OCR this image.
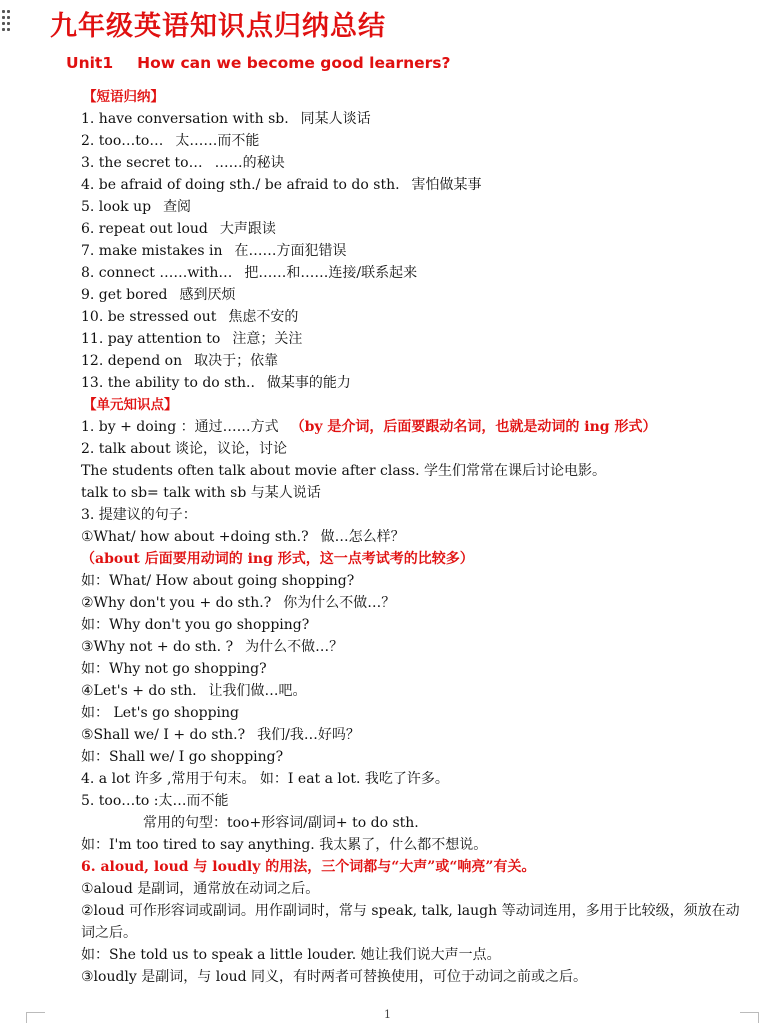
九年级英语知识点归纳总结
Unit1 How can we become good learners?
【短语归纳】
1. have conversation with sb. 同某人谈话
2. too…to… 太……而不能
3. the secret to… ……的秘诀
4. be afraid of doing sth./ be afraid to do sth. 害怕做某事
5. look up 查阅
6. repeat out loud 大声跟读
7. make mistakes in 在……方面犯错误
8. connect ……with… 把……和……连接/联系起来
9. get bored 感到厌烦
10. be stressed out 焦虑不安的
11. pay attention to 注意；关注
12. depend on 取决于；依靠
13. the ability to do sth.. 做某事的能力
【单元知识点】
1. by + doing ：通过……方式 （by 是介词，后面要跟动名词，也就是动词的 ing 形式）
2. talk about 谈论，议论，讨论
The students often talk about movie after class. 学生们常常在课后讨论电影。
talk to sb= talk with sb 与某人说话
3. 提建议的句子：
①What/ how about +doing sth.? 做…怎么样？
（about 后面要用动词的 ing 形式，这一点考试考的比较多）
如：What/ How about going shopping?
②Why don't you + do sth.? 你为什么不做…？
如：Why don't you go shopping?
③Why not + do sth. ? 为什么不做…？
如：Why not go shopping?
④Let's + do sth. 让我们做…吧。
如： Let's go shopping
⑤Shall we/ I + do sth.? 我们/我…好吗？
如：Shall we/ I go shopping?
4. a lot 许多 ,常用于句末。 如：I eat a lot. 我吃了许多。
5. too…to :太…而不能
常用的句型：too+形容词/副词+ to do sth.
如：I'm too tired to say anything. 我太累了，什么都不想说。
6. aloud, loud 与 loudly 的用法，三个词都与“大声”或“响亮”有关。
①aloud 是副词，通常放在动词之后。
②loud 可作形容词或副词。用作副词时，常与 speak, talk, laugh 等动词连用，多用于比较级，须放在动词之后。
如：She told us to speak a little louder. 她让我们说大声一点。
③loudly 是副词，与 loud 同义，有时两者可替换使用，可位于动词之前或之后。
1
